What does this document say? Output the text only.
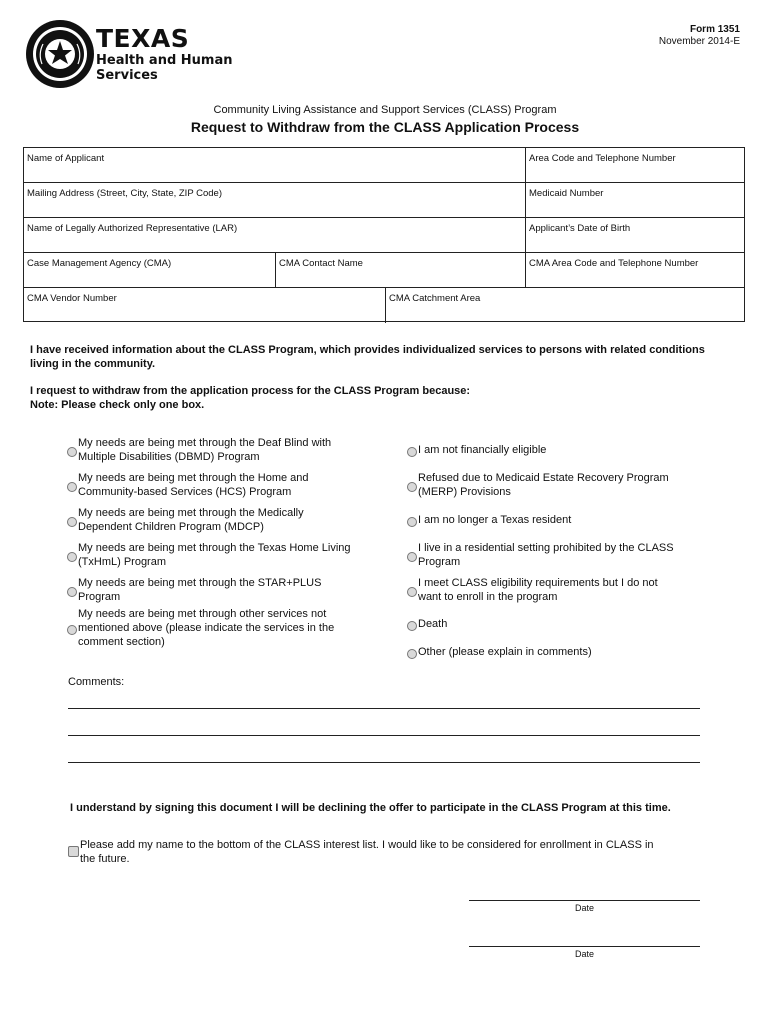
TEXAS
Health and Human
Services
Form 1351
November 2014-E
Community Living Assistance and Support Services (CLASS) Program
Request to Withdraw from the CLASS Application Process
Name of Applicant	Area Code and Telephone Number
Mailing Address (Street, City, State, ZIP Code)	Medicaid Number
Name of Legally Authorized Representative (LAR)	Applicant’s Date of Birth
Case Management Agency (CMA)	CMA Contact Name	CMA Area Code and Telephone Number
CMA Vendor Number	CMA Catchment Area
I have received information about the CLASS Program, which provides individualized services to persons with related conditions living in the community.
I request to withdraw from the application process for the CLASS Program because:
Note: Please check only one box.
My needs are being met through the Deaf Blind with
Multiple Disabilities (DBMD) Program
My needs are being met through the Home and
Community-based Services (HCS) Program
My needs are being met through the Medically
Dependent Children Program (MDCP)
My needs are being met through the Texas Home Living
(TxHmL) Program
My needs are being met through the STAR+PLUS
Program
My needs are being met through other services not
mentioned above (please indicate the services in the
comment section)
I am not financially eligible
Refused due to Medicaid Estate Recovery Program
(MERP) Provisions
I am no longer a Texas resident
I live in a residential setting prohibited by the CLASS
Program
I meet CLASS eligibility requirements but I do not
want to enroll in the program
Death
Other (please explain in comments)
Comments:
I understand by signing this document I will be declining the offer to participate in the CLASS Program at this time.
Please add my name to the bottom of the CLASS interest list. I would like to be considered for enrollment in CLASS in
the future.
Date
Date
